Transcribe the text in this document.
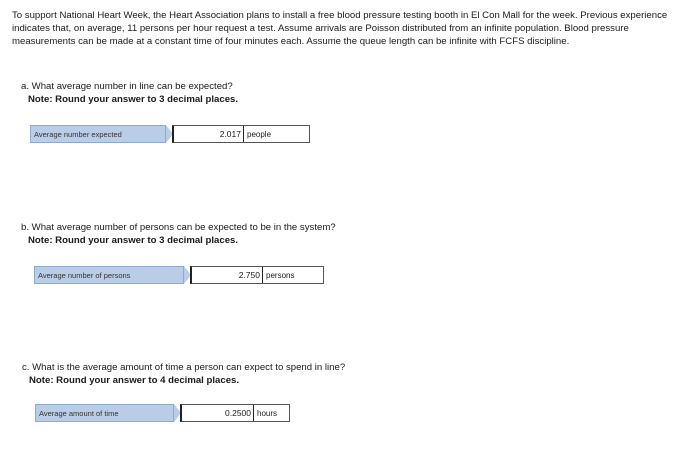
To support National Heart Week, the Heart Association plans to install a free blood pressure testing booth in El Con Mall for the week. Previous experience indicates that, on average, 11 persons per hour request a test. Assume arrivals are Poisson distributed from an infinite population. Blood pressure measurements can be made at a constant time of four minutes each. Assume the queue length can be infinite with FCFS discipline.
a. What average number in line can be expected?
Note: Round your answer to 3 decimal places.
Average number expected	2.017 people
b. What average number of persons can be expected to be in the system?
Note: Round your answer to 3 decimal places.
Average number of persons	2.750 persons
c. What is the average amount of time a person can expect to spend in line?
Note: Round your answer to 4 decimal places.
Average amount of time	0.2500 hours
